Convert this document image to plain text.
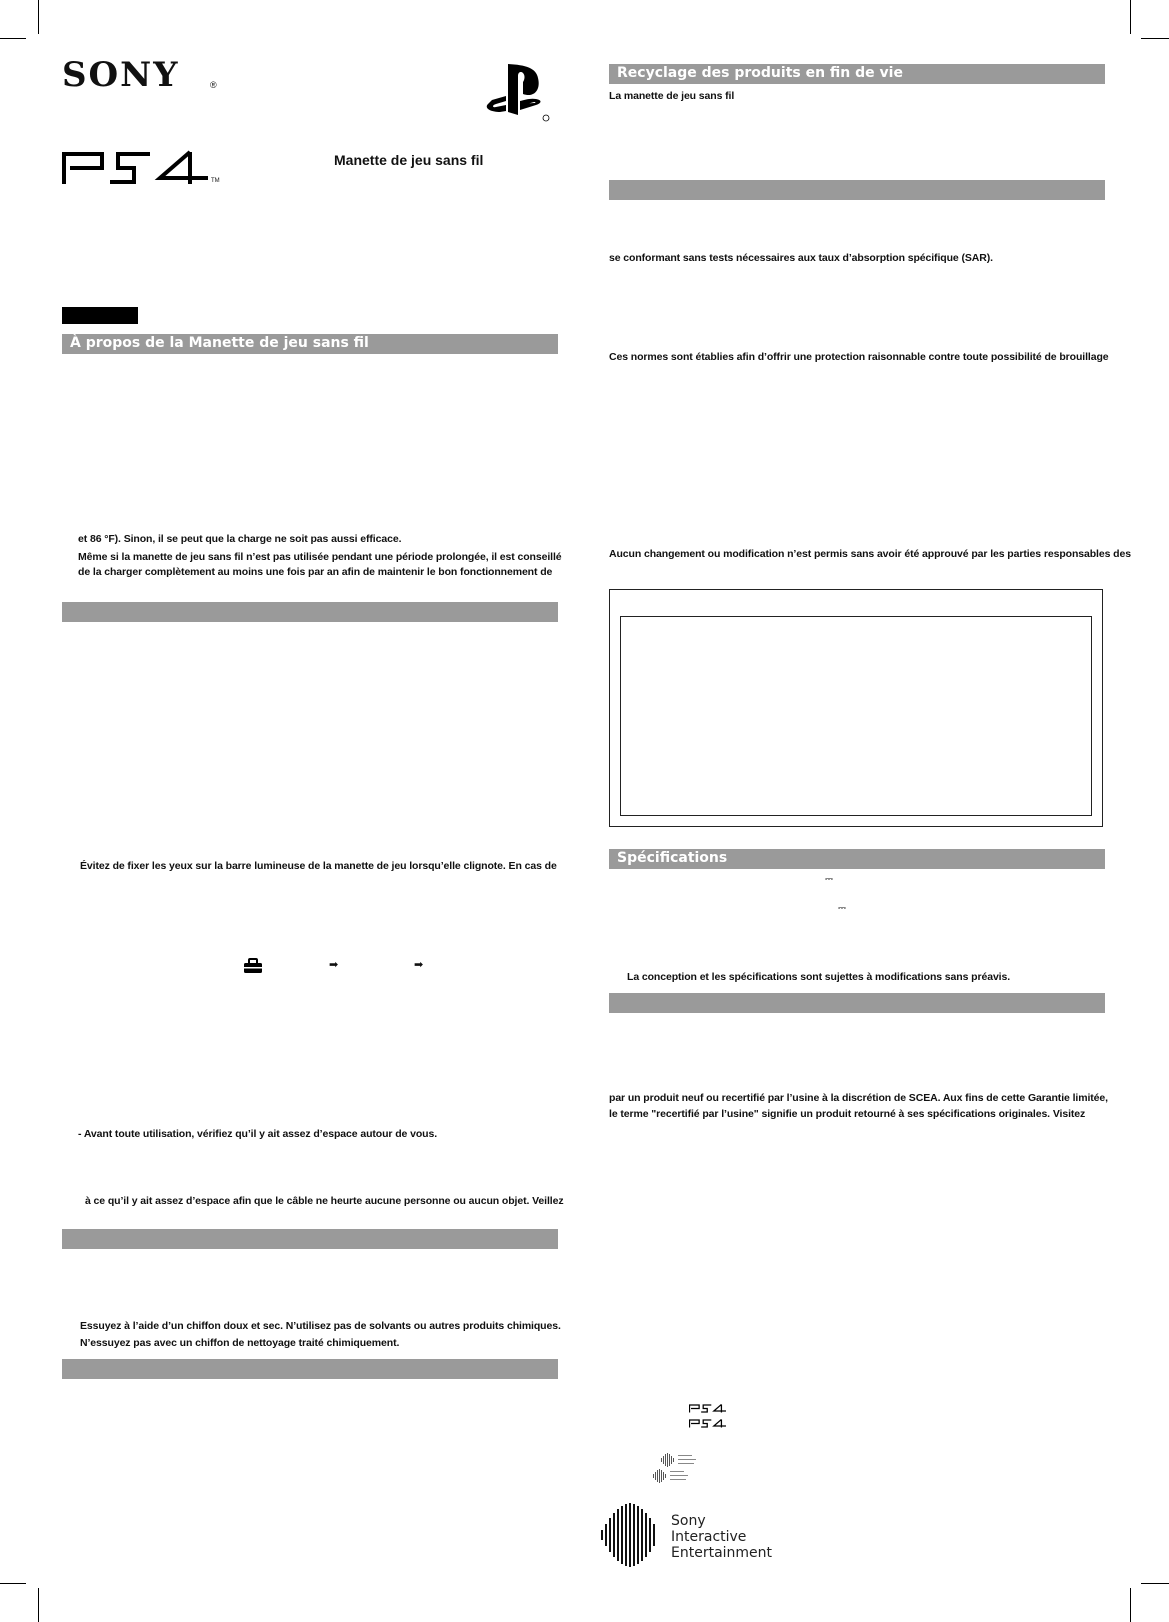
SONY	®
TM
Manette de jeu sans fil
À propos de la Manette de jeu sans fil
et 86 °F). Sinon, il se peut que la charge ne soit pas aussi efficace.
Même si la manette de jeu sans fil n’est pas utilisée pendant une période prolongée, il est conseillé
de la charger complètement au moins une fois par an afin de maintenir le bon fonctionnement de
Évitez de fixer les yeux sur la barre lumineuse de la manette de jeu lorsqu’elle clignote. En cas de
➡	➡
- Avant toute utilisation, vérifiez qu’il y ait assez d’espace autour de vous.
à ce qu’il y ait assez d’espace afin que le câble ne heurte aucune personne ou aucun objet. Veillez
Essuyez à l’aide d’un chiffon doux et sec. N’utilisez pas de solvants ou autres produits chimiques.
N’essuyez pas avec un chiffon de nettoyage traité chimiquement.
Recyclage des produits en fin de vie
La manette de jeu sans fil
se conformant sans tests nécessaires aux taux d’absorption spécifique (SAR).
Ces normes sont établies afin d’offrir une protection raisonnable contre toute possibilité de brouillage
Aucun changement ou modification n’est permis sans avoir été approuvé par les parties responsables des
Spécifications
⎓
⎓
La conception et les spécifications sont sujettes à modifications sans préavis.
par un produit neuf ou recertifié par l’usine à la discrétion de SCEA. Aux fins de cette Garantie limitée,
le terme "recertifié par l’usine" signifie un produit retourné à ses spécifications originales. Visitez
Sony
Interactive
Entertainment
